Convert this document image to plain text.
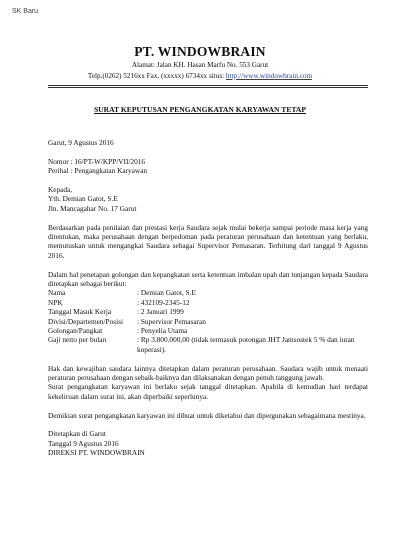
SK Baru
PT. WINDOWBRAIN
Alamat: Jalan KH. Hasan Marfu No. 553 Garut
Telp.(0262) 5216xx Fax. (xxxxx) 6734xx situs: http://www.windowbrain.com
SURAT KEPUTUSAN PENGANGKATAN KARYAWAN TETAP
Garut, 9 Agustus 2016
Nomor : 16/PT-W/KPP/VII/2016
Perihal : Pengangkatan Karyawan
Kepada,
Yth. Demian Gatot, S.E
Jln. Mancagahar No. 17 Garut
Berdasarkan pada penilaian dan prestasi kerja Saudara sejak mulai bekerja sampai periode masa kerja yang ditentukan, maka perusahaan dengan berpedoman pada peraturan perusahaan dan ketentuan yang berlaku, memutuskan untuk mengangkat Saudara sebagai Supervisor Pemasaran. Terhitung dari tanggal 9 Agustus 2016.
Dalam hal penetapan golongan dan kepangkatan serta ketentuan imbalan upah dan tunjangan kepada Saudara ditetapkan sebagai berikut:
Nama	: Demian Gatot, S.E
NPK	: 432109-2345-12
Tanggal Masuk Kerja	: 2 Januari 1999
Divisi/Departemen/Posisi	: Supervisor Pemasaran
Golongan/Pangkat	: Penyelia Utama
Gaji netto per bulan	: Rp 3.800.000,00 (tidak termasuk potongan JHT Jamsostek 5 % dan iuran koperasi).
Hak dan kewajiban saudara lainnya ditetapkan dalam peraturan perusahaan. Saudara wajib untuk menaati peraturan perusahaan dengan sebaik-baiknya dan dilaksanakan dengan penuh tanggung jawab.
Surat pengangkatan karyawan ini berlaku sejak tanggal ditetapkan. Apabila di kemudian hari terdapat kekeliruan dalam surat ini, akan diperbaiki seperlunya.
Demikian surat pengangkatan karyawan ini dibuat untuk diketahui dan dipergunakan sebagaimana mestinya.
Ditetapkan di Garut
Tanggal 9 Agustus 2016
DIREKSI PT. WINDOWBRAIN
